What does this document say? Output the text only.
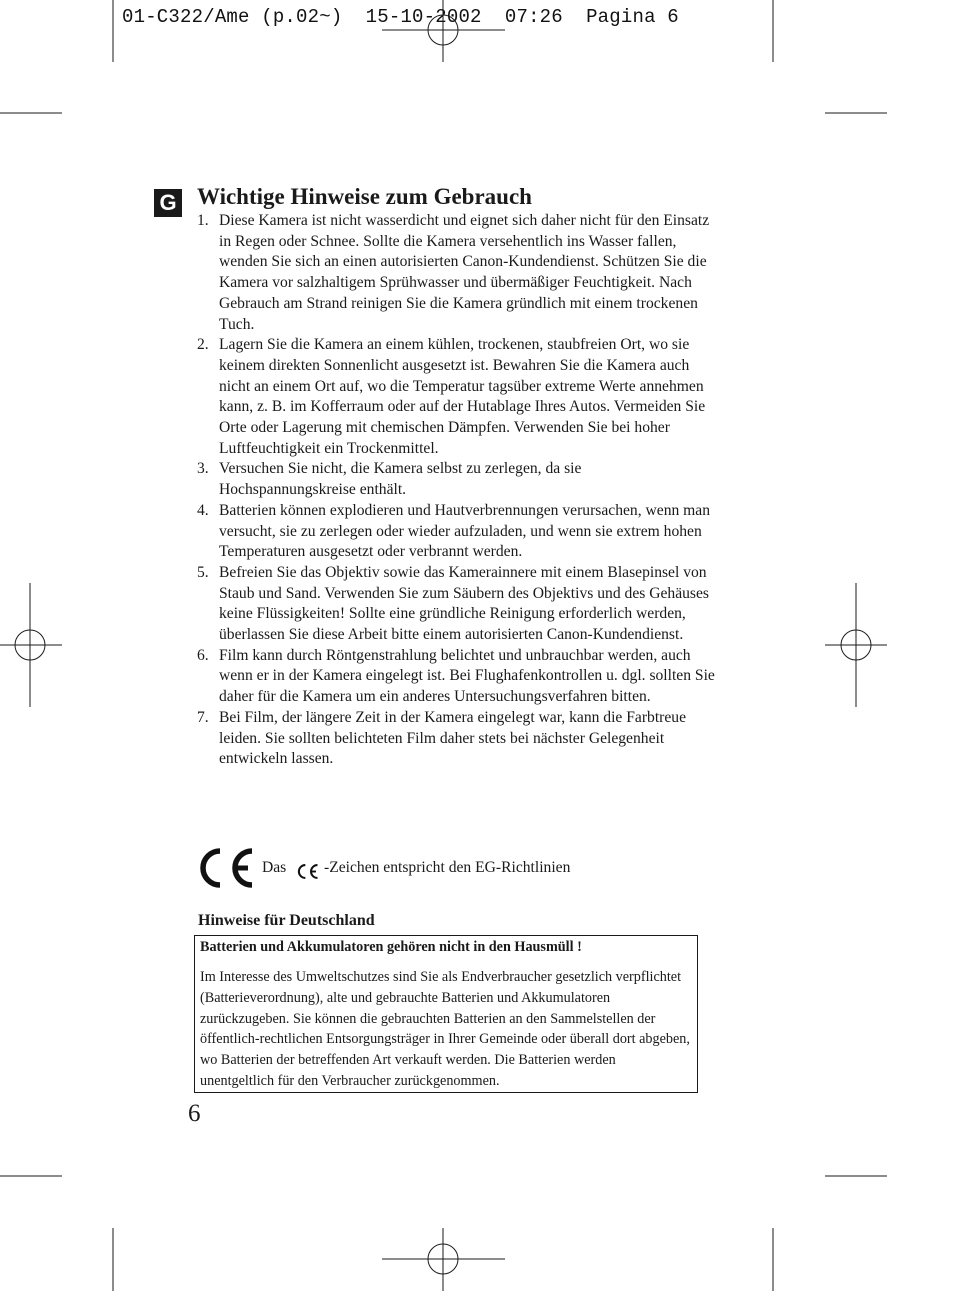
01-C322/Ame (p.02~)  15-10-2002  07:26  Pagina 6
G Wichtige Hinweise zum Gebrauch
1. Diese Kamera ist nicht wasserdicht und eignet sich daher nicht für den Einsatz in Regen oder Schnee. Sollte die Kamera versehentlich ins Wasser fallen, wenden Sie sich an einen autorisierten Canon-Kundendienst. Schützen Sie die Kamera vor salzhaltigem Sprühwasser und übermäßiger Feuchtigkeit. Nach Gebrauch am Strand reinigen Sie die Kamera gründlich mit einem trockenen Tuch.
2. Lagern Sie die Kamera an einem kühlen, trockenen, staubfreien Ort, wo sie keinem direkten Sonnenlicht ausgesetzt ist. Bewahren Sie die Kamera auch nicht an einem Ort auf, wo die Temperatur tagsüber extreme Werte annehmen kann, z. B. im Kofferraum oder auf der Hutablage Ihres Autos. Vermeiden Sie Orte oder Lagerung mit chemischen Dämpfen. Verwenden Sie bei hoher Luftfeuchtigkeit ein Trockenmittel.
3. Versuchen Sie nicht, die Kamera selbst zu zerlegen, da sie Hochspannungskreise enthält.
4. Batterien können explodieren und Hautverbrennungen verursachen, wenn man versucht, sie zu zerlegen oder wieder aufzuladen, und wenn sie extrem hohen Temperaturen ausgesetzt oder verbrannt werden.
5. Befreien Sie das Objektiv sowie das Kamerainnere mit einem Blasepinsel von Staub und Sand. Verwenden Sie zum Säubern des Objektivs und des Gehäuses keine Flüssigkeiten! Sollte eine gründliche Reinigung erforderlich werden, überlassen Sie diese Arbeit bitte einem autorisierten Canon-Kundendienst.
6. Film kann durch Röntgenstrahlung belichtet und unbrauchbar werden, auch wenn er in der Kamera eingelegt ist. Bei Flughafenkontrollen u. dgl. sollten Sie daher für die Kamera um ein anderes Untersuchungsverfahren bitten.
7. Bei Film, der längere Zeit in der Kamera eingelegt war, kann die Farbtreue leiden. Sie sollten belichteten Film daher stets bei nächster Gelegenheit entwickeln lassen.
Das -Zeichen entspricht den EG-Richtlinien
Hinweise für Deutschland
Batterien und Akkumulatoren gehören nicht in den Hausmüll !
Im Interesse des Umweltschutzes sind Sie als Endverbraucher gesetzlich verpflichtet (Batterieverordnung), alte und gebrauchte Batterien und Akkumulatoren zurückzugeben. Sie können die gebrauchten Batterien an den Sammelstellen der öffentlich-rechtlichen Entsorgungsträger in Ihrer Gemeinde oder überall dort abgeben, wo Batterien der betreffenden Art verkauft werden. Die Batterien werden unentgeltlich für den Verbraucher zurückgenommen.
6
